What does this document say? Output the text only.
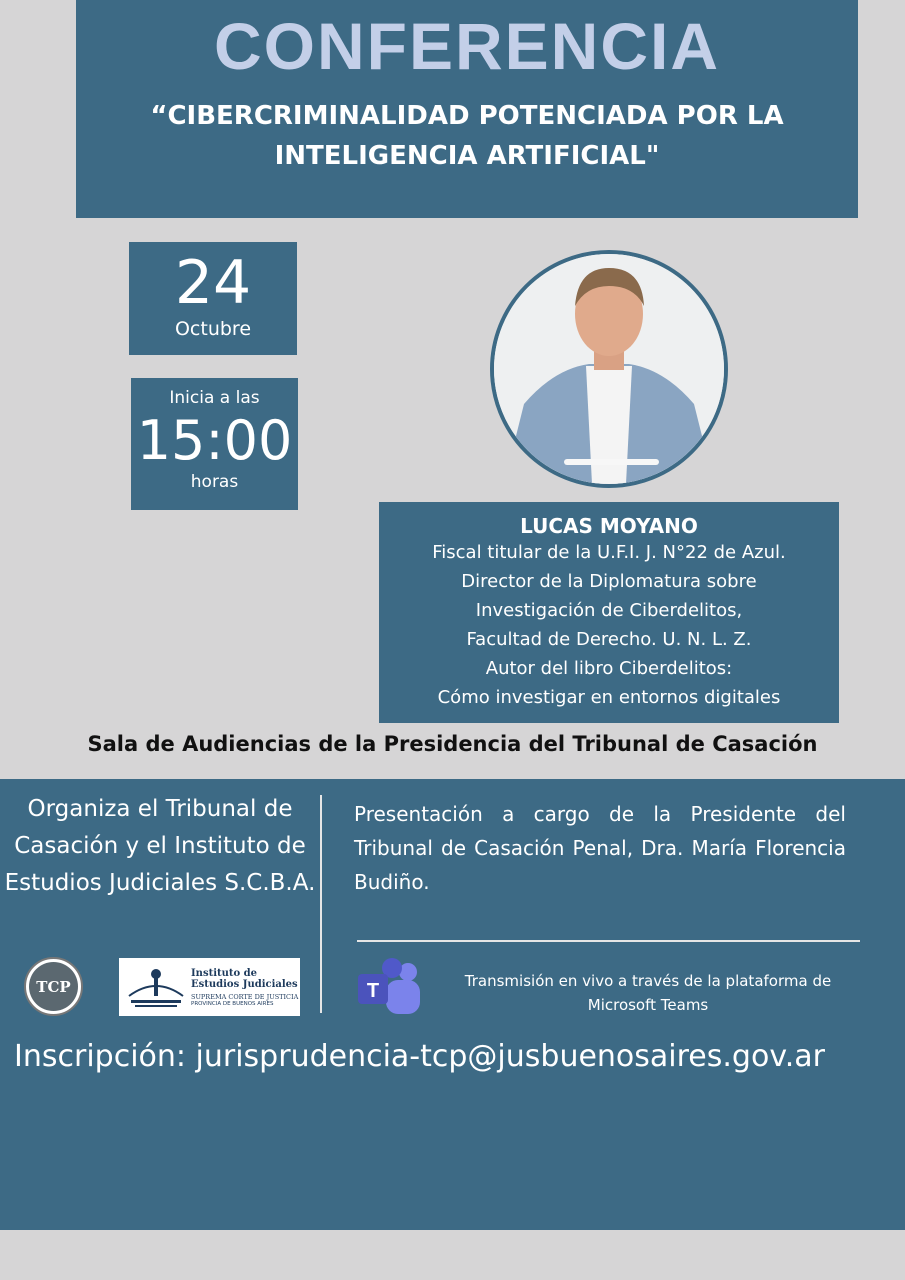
CONFERENCIA
“CIBERCRIMINALIDAD POTENCIADA POR LA INTELIGENCIA ARTIFICIAL"
24
Octubre
Inicia a las
15:00
horas
LUCAS MOYANO
Fiscal titular de la U.F.I. J. N°22 de Azul.
Director de la Diplomatura sobre
Investigación de Ciberdelitos,
Facultad de Derecho. U. N. L. Z.
Autor del libro Ciberdelitos:
Cómo investigar en entornos digitales
Sala de Audiencias de la Presidencia del Tribunal de Casación
Organiza el Tribunal de Casación y el Instituto de Estudios Judiciales S.C.B.A.
Presentación a cargo de la Presidente del Tribunal de Casación Penal, Dra. María Florencia Budiño.
TCP
Instituto de
Estudios Judiciales
SUPREMA CORTE DE JUSTICIA
PROVINCIA DE BUENOS AIRES
T	Transmisión en vivo a través de la plataforma de Microsoft Teams
Inscripción: jurisprudencia-tcp@jusbuenosaires.gov.ar
